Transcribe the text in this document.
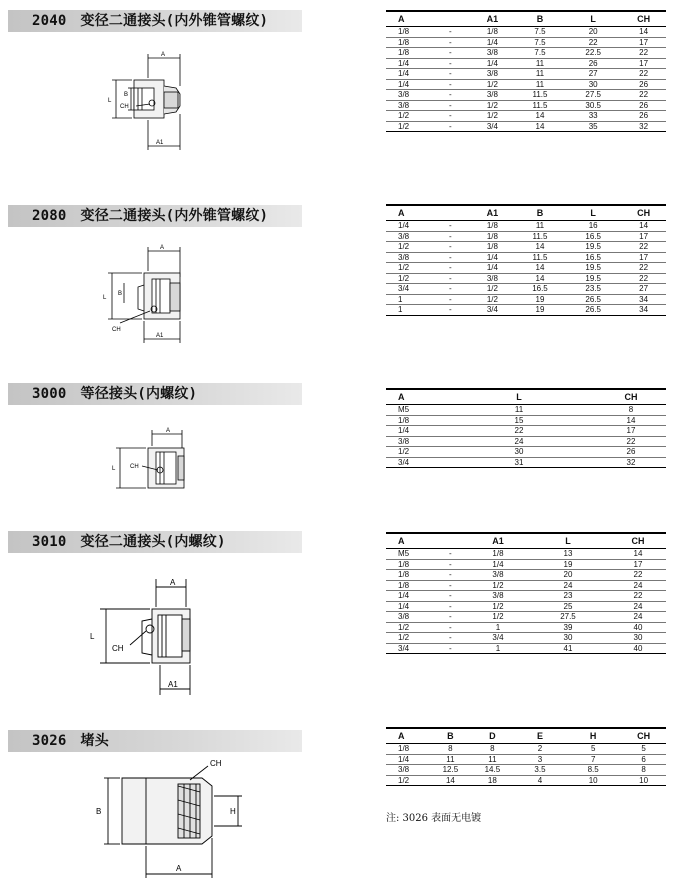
2040 变径二通接头(内外锥管螺纹)
2080 变径二通接头(内外锥管螺纹)
3000 等径接头(内螺纹)
3010 变径二通接头(内螺纹)
3026 堵头
A
L
B
CH
A1
A
L
B
CH
A1
A
L CH
A
L
CH
A1
CH
B	H
A
A		A1	B	L	CH
1/8	-	1/8	7.5	20	14
1/8	-	1/4	7.5	22	17
1/8	-	3/8	7.5	22.5	22
1/4	-	1/4	11	26	17
1/4	-	3/8	11	27	22
1/4	-	1/2	11	30	26
3/8	-	3/8	11.5	27.5	22
3/8	-	1/2	11.5	30.5	26
1/2	-	1/2	14	33	26
1/2	-	3/4	14	35	32
A		A1	B	L	CH
1/4	-	1/8	11	16	14
3/8	-	1/8	11.5	16.5	17
1/2	-	1/8	14	19.5	22
3/8	-	1/4	11.5	16.5	17
1/2	-	1/4	14	19.5	22
1/2	-	3/8	14	19.5	22
3/4	-	1/2	16.5	23.5	27
1	-	1/2	19	26.5	34
1	-	3/4	19	26.5	34
A	L	CH
M5	11	8
1/8	15	14
1/4	22	17
3/8	24	22
1/2	30	26
3/4	31	32
A		A1	L	CH
M5	-	1/8	13	14
1/8	-	1/4	19	17
1/8	-	3/8	20	22
1/8	-	1/2	24	24
1/4	-	3/8	23	22
1/4	-	1/2	25	24
3/8	-	1/2	27.5	24
1/2	-	1	39	40
1/2	-	3/4	30	30
3/4	-	1	41	40
A	B	D	E	H	CH
1/8	8	8	2	5	5
1/4	11	11	3	7	6
3/8	12.5	14.5	3.5	8.5	8
1/2	14	18	4	10	10
注: 3026 表面无电镀
